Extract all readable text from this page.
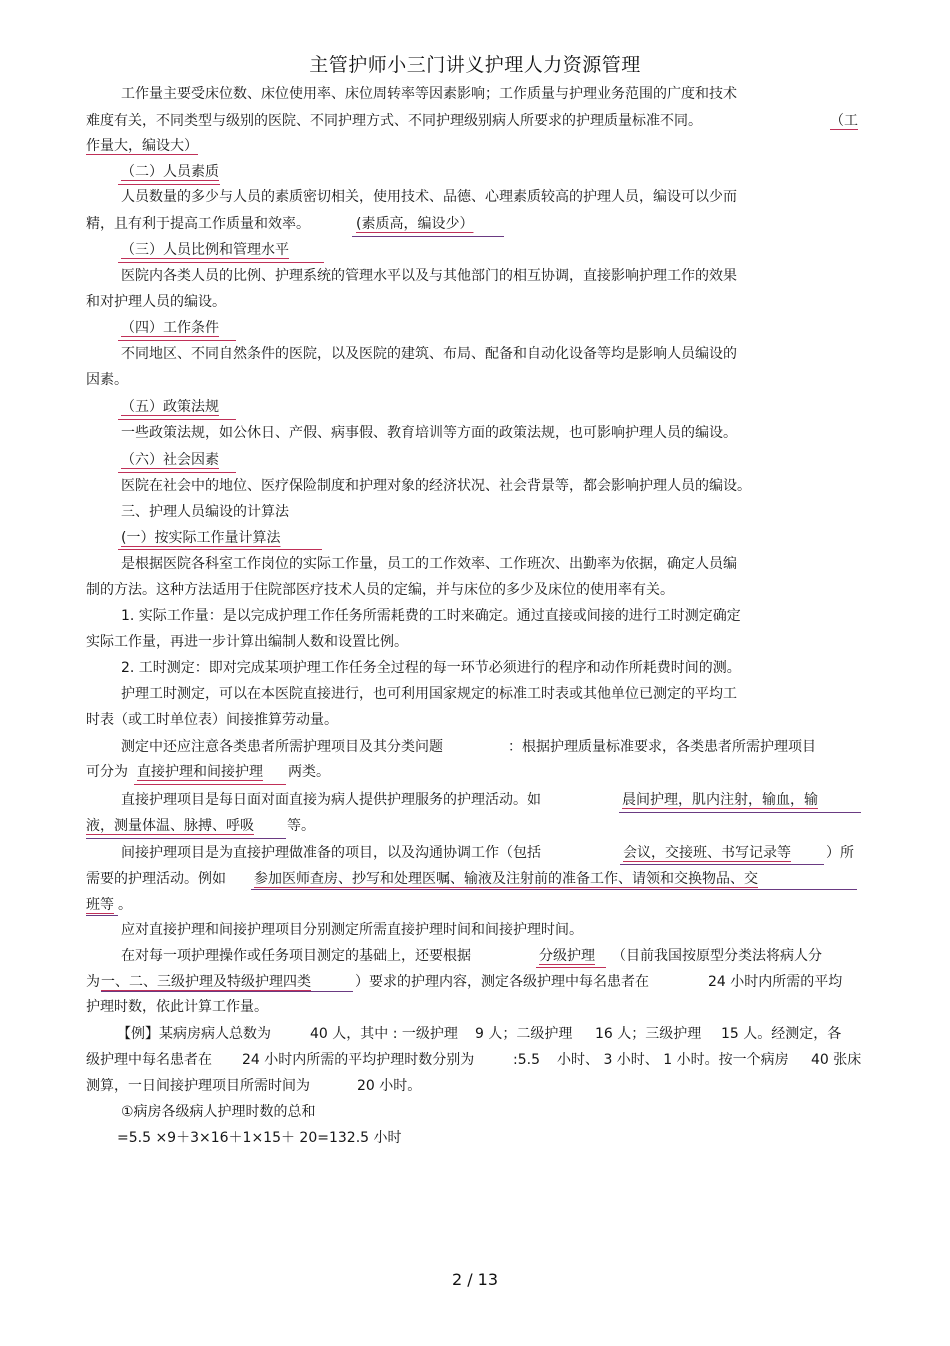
主管护师小三门讲义护理人力资源管理
工作量主要受床位数、床位使用率、床位周转率等因素影响；工作质量与护理业务范围的广度和技术
难度有关，不同类型与级别的医院、不同护理方式、不同护理级别病人所要求的护理质量标准不同。	（工
作量大，编设大）
（二）人员素质
人员数量的多少与人员的素质密切相关，使用技术、品德、心理素质较高的护理人员，编设可以少而
精，且有利于提高工作质量和效率。	(素质高，编设少）
（三）人员比例和管理水平
医院内各类人员的比例、护理系统的管理水平以及与其他部门的相互协调，直接影响护理工作的效果
和对护理人员的编设。
（四）工作条件
不同地区、不同自然条件的医院，以及医院的建筑、布局、配备和自动化设备等均是影响人员编设的
因素。
（五）政策法规
一些政策法规，如公休日、产假、病事假、教育培训等方面的政策法规，也可影响护理人员的编设。
（六）社会因素
医院在社会中的地位、医疗保险制度和护理对象的经济状况、社会背景等，都会影响护理人员的编设。
三、护理人员编设的计算法
(一）按实际工作量计算法
是根据医院各科室工作岗位的实际工作量，员工的工作效率、工作班次、出勤率为依据，确定人员编
制的方法。这种方法适用于住院部医疗技术人员的定编，并与床位的多少及床位的使用率有关。
1. 实际工作量：是以完成护理工作任务所需耗费的工时来确定。通过直接或间接的进行工时测定确定
实际工作量，再进一步计算出编制人数和设置比例。
2. 工时测定：即对完成某项护理工作任务全过程的每一环节必须进行的程序和动作所耗费时间的测。
护理工时测定，可以在本医院直接进行，也可利用国家规定的标准工时表或其他单位已测定的平均工
时表（或工时单位表）间接推算劳动量。
测定中还应注意各类患者所需护理项目及其分类问题	：根据护理质量标准要求，各类患者所需护理项目
可分为 直接护理和间接护理 两类。
直接护理项目是每日面对面直接为病人提供护理服务的护理活动。如	晨间护理，肌内注射，输血，输
液，测量体温、脉搏、呼吸 等。
间接护理项目是为直接护理做准备的项目，以及沟通协调工作（包括	会议，交接班、书写记录等	）所
需要的护理活动。例如 参加医师查房、抄写和处理医嘱、输液及注射前的准备工作、请领和交换物品、交
班等 。
应对直接护理和间接护理项目分别测定所需直接护理时间和间接护理时间。
在对每一项护理操作或任务项目测定的基础上，还要根据	分级护理 （目前我国按原型分类法将病人分
为 一、二、三级护理及特级护理四类	）要求的护理内容，测定各级护理中每名患者在	24 小时内所需的平均
护理时数，依此计算工作量。
【例】某病房病人总数为	40 人，其中 : 一级护理 9 人；二级护理 16 人；三级护理 15 人。经测定，各
级护理中每名患者在 24 小时内所需的平均护理时数分别为	:5.5 小时、 3 小时、 1 小时。按一个病房 40 张床
测算，一日间接护理项目所需时间为	20 小时。
①病房各级病人护理时数的总和
=5.5 ×9＋3×16＋1×15＋ 20=132.5 小时
2 / 13
